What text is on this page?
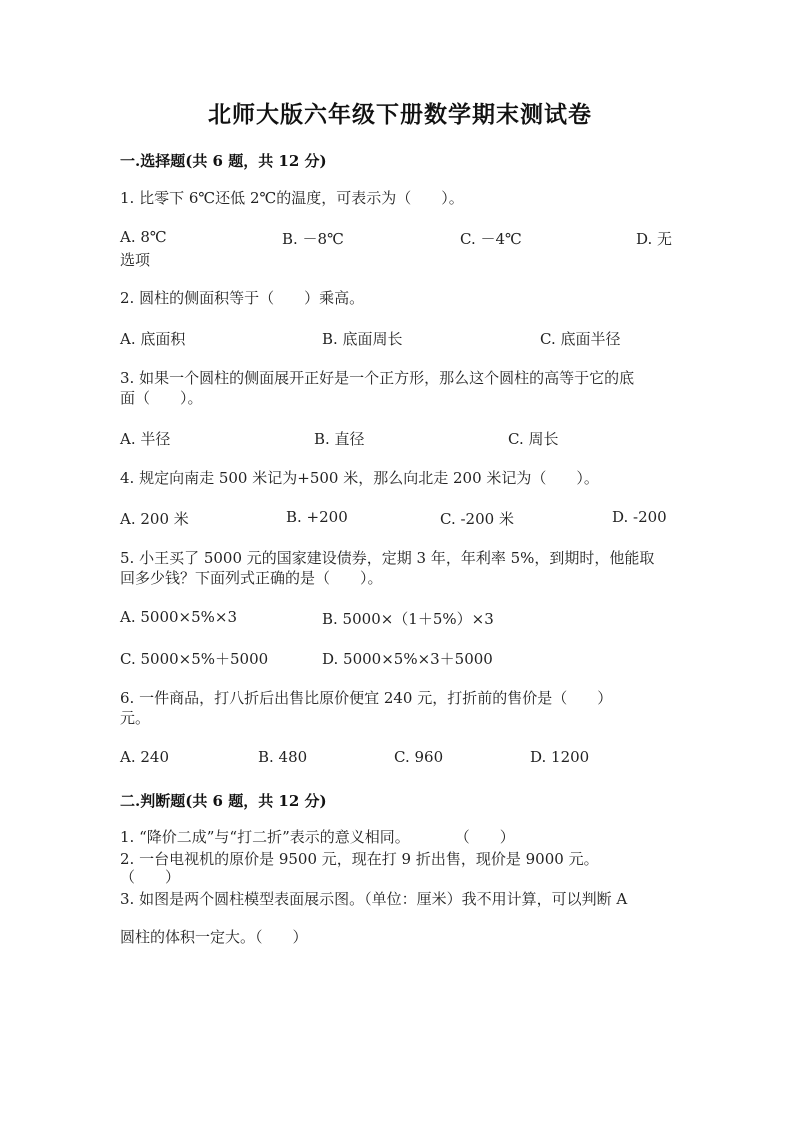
北师大版六年级下册数学期末测试卷
一.选择题(共 6 题，共 12 分)
1. 比零下 6℃还低 2℃的温度，可表示为（　　）。
A. 8℃	B. －8℃	C. －4℃	D. 无
选项
2. 圆柱的侧面积等于（　　）乘高。
A. 底面积	B. 底面周长	C. 底面半径
3. 如果一个圆柱的侧面展开正好是一个正方形，那么这个圆柱的高等于它的底
面（　　）。
A. 半径	B. 直径	C. 周长
4. 规定向南走 500 米记为+500 米，那么向北走 200 米记为（　　）。
A. 200 米	B. +200	C. -200 米	D. -200
5. 小王买了 5000 元的国家建设债券，定期 3 年，年利率 5%，到期时，他能取
回多少钱？下面列式正确的是（　　）。
A. 5000×5%×3	B. 5000×（1＋5%）×3
C. 5000×5%＋5000	D. 5000×5%×3＋5000
6. 一件商品，打八折后出售比原价便宜 240 元，打折前的售价是（　　）
元。
A. 240	B. 480	C. 960	D. 1200
二.判断题(共 6 题，共 12 分)
1. “降价二成”与“打二折”表示的意义相同。　　　　（　　）
2. 一台电视机的原价是 9500 元，现在打 9 折出售，现价是 9000 元。
（　　）
3. 如图是两个圆柱模型表面展示图。（单位：厘米）我不用计算，可以判断 A
圆柱的体积一定大。（　　）
